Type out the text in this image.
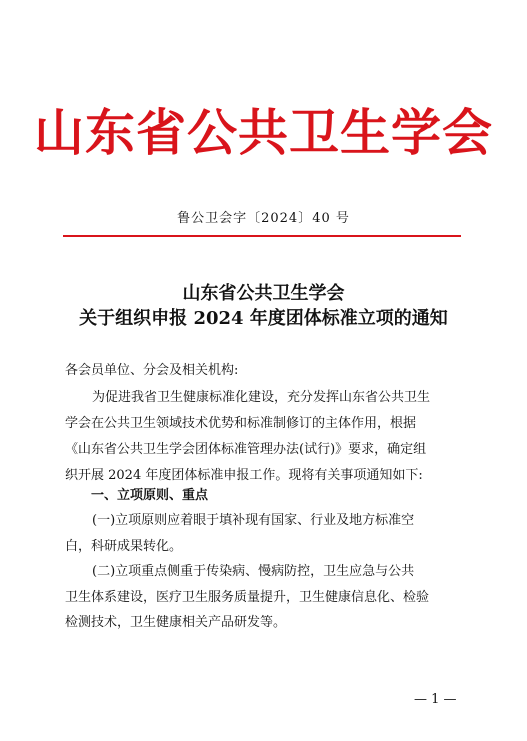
山东省公共卫生学会
鲁公卫会字〔2024〕40 号
山东省公共卫生学会
关于组织申报 2024 年度团体标准立项的通知
各会员单位、分会及相关机构:
为促进我省卫生健康标准化建设，充分发挥山东省公共卫生
学会在公共卫生领域技术优势和标准制修订的主体作用，根据
《山东省公共卫生学会团体标准管理办法(试行)》要求，确定组
织开展 2024 年度团体标准申报工作。现将有关事项通知如下:
一、立项原则、重点
(一)立项原则应着眼于填补现有国家、行业及地方标准空
白，科研成果转化。
(二)立项重点侧重于传染病、慢病防控，卫生应急与公共
卫生体系建设，医疗卫生服务质量提升，卫生健康信息化、检验
检测技术，卫生健康相关产品研发等。
— 1 —
